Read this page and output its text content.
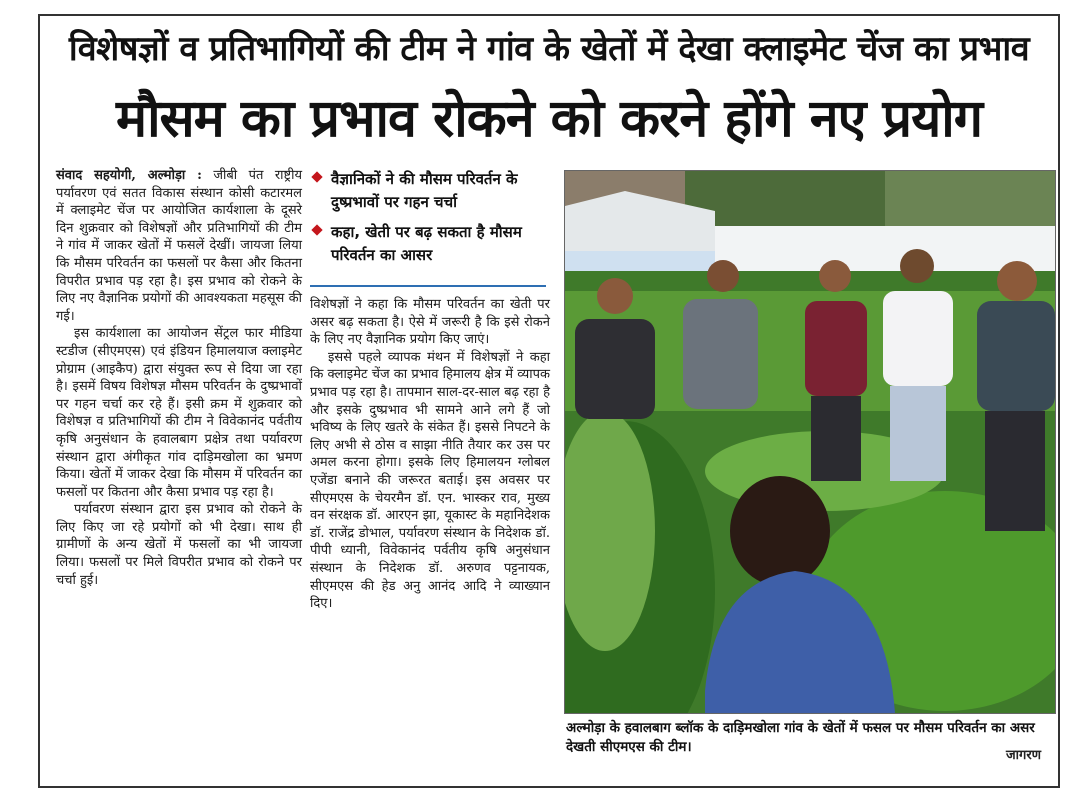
विशेषज्ञों व प्रतिभागियों की टीम ने गांव के खेतों में देखा क्लाइमेट चेंज का प्रभाव
मौसम का प्रभाव रोकने को करने होंगे नए प्रयोग

संवाद सहयोगी, अल्मोड़ा : जीबी पंत राष्ट्रीय पर्यावरण एवं सतत विकास संस्थान कोसी कटारमल में क्लाइमेट चेंज पर आयोजित कार्यशाला के दूसरे दिन शुक्रवार को विशेषज्ञों और प्रतिभागियों की टीम ने गांव में जाकर खेतों में फसलें देखीं। जायजा लिया कि मौसम परिवर्तन का फसलों पर कैसा और कितना विपरीत प्रभाव पड़ रहा है। इस प्रभाव को रोकने के लिए नए वैज्ञानिक प्रयोगों की आवश्यकता महसूस की गई।

इस कार्यशाला का आयोजन सेंट्रल फार मीडिया स्टडीज (सीएमएस) एवं इंडियन हिमालयाज क्लाइमेट प्रोग्राम (आइकैप) द्वारा संयुक्त रूप से दिया जा रहा है। इसमें विषय विशेषज्ञ मौसम परिवर्तन के दुष्प्रभावों पर गहन चर्चा कर रहे हैं। इसी क्रम में शुक्रवार को विशेषज्ञ व प्रतिभागियों की टीम ने विवेकानंद पर्वतीय कृषि अनुसंधान के हवालबाग प्रक्षेत्र तथा पर्यावरण संस्थान द्वारा अंगीकृत गांव दाड़िमखोला का भ्रमण किया। खेतों में जाकर देखा कि मौसम में परिवर्तन का फसलों पर कितना और कैसा प्रभाव पड़ रहा है।

पर्यावरण संस्थान द्वारा इस प्रभाव को रोकने के लिए किए जा रहे प्रयोगों को भी देखा। साथ ही ग्रामीणों के अन्य खेतों में फसलों का भी जायजा लिया। फसलों पर मिले विपरीत प्रभाव को रोकने पर चर्चा हुई।

वैज्ञानिकों ने की मौसम परिवर्तन के दुष्प्रभावों पर गहन चर्चा
कहा, खेती पर बढ़ सकता है मौसम परिवर्तन का आसर

विशेषज्ञों ने कहा कि मौसम परिवर्तन का खेती पर असर बढ़ सकता है। ऐसे में जरूरी है कि इसे रोकने के लिए नए वैज्ञानिक प्रयोग किए जाएं।

इससे पहले व्यापक मंथन में विशेषज्ञों ने कहा कि क्लाइमेट चेंज का प्रभाव हिमालय क्षेत्र में व्यापक प्रभाव पड़ रहा है। तापमान साल-दर-साल बढ़ रहा है और इसके दुष्प्रभाव भी सामने आने लगे हैं जो भविष्य के लिए खतरे के संकेत हैं। इससे निपटने के लिए अभी से ठोस व साझा नीति तैयार कर उस पर अमल करना होगा। इसके लिए हिमालयन ग्लोबल एजेंडा बनाने की जरूरत बताई। इस अवसर पर सीएमएस के चेयरमैन डॉ. एन. भास्कर राव, मुख्य वन संरक्षक डॉ. आरएन झा, यूकास्ट के महानिदेशक डॉ. राजेंद्र डोभाल, पर्यावरण संस्थान के निदेशक डॉ. पीपी ध्यानी, विवेकानंद पर्वतीय कृषि अनुसंधान संस्थान के निदेशक डॉ. अरुणव पट्टनायक, सीएमएस की हेड अनु आनंद आदि ने व्याख्यान दिए।

अल्मोड़ा के हवालबाग ब्लॉक के दाड़िमखोला गांव के खेतों में फसल पर मौसम परिवर्तन का असर देखती सीएमएस की टीम।
जागरण
